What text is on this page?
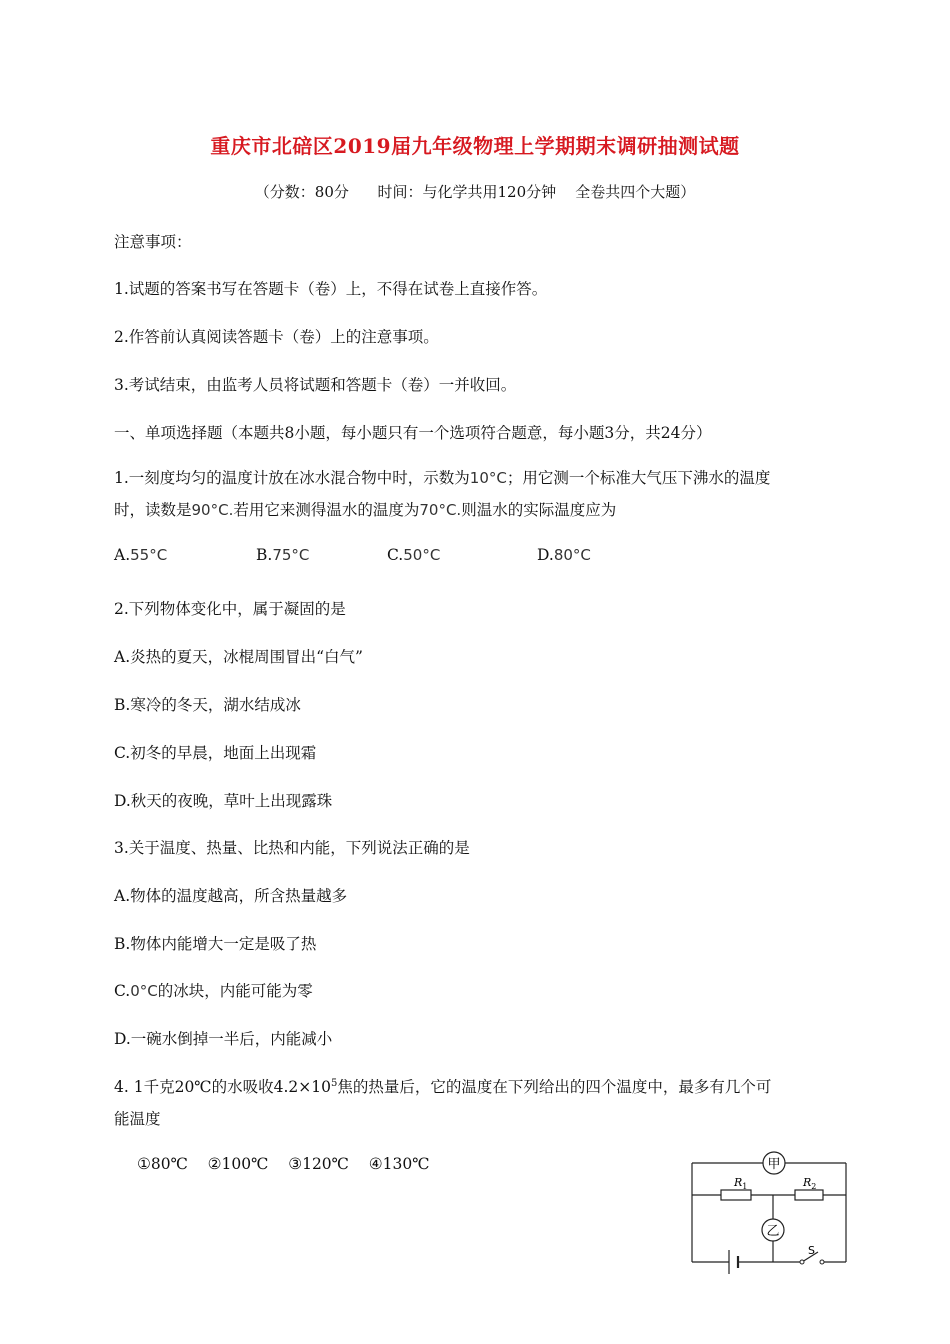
重庆市北碚区2019届九年级物理上学期期末调研抽测试题
（分数：80分      时间：与化学共用120分钟    全卷共四个大题）
注意事项：
1.试题的答案书写在答题卡（卷）上，不得在试卷上直接作答。
2.作答前认真阅读答题卡（卷）上的注意事项。
3.考试结束，由监考人员将试题和答题卡（卷）一并收回。
一、单项选择题（本题共8小题，每小题只有一个选项符合题意，每小题3分，共24分）
1.一刻度均匀的温度计放在冰水混合物中时，示数为10°C；用它测一个标准大气压下沸水的温度
时，读数是90°C.若用它来测得温水的温度为70°C.则温水的实际温度应为
A.55°C	B.75°C	C.50°C	D.80°C
2.下列物体变化中，属于凝固的是
A.炎热的夏天，冰棍周围冒出“白气”
B.寒冷的冬天，湖水结成冰
C.初冬的早晨，地面上出现霜
D.秋天的夜晚，草叶上出现露珠
3.关于温度、热量、比热和内能，下列说法正确的是
A.物体的温度越高，所含热量越多
B.物体内能增大一定是吸了热
C.0°C的冰块，内能可能为零
D.一碗水倒掉一半后，内能减小
4. 1千克20℃的水吸收$4.2\times 10^5$焦的热量后，它的温度在下列给出的四个温度中，最多有几个可
能温度
①80℃    ②100℃    ③120℃    ④130℃	甲
乙
$R_1$	$R_2$
S
